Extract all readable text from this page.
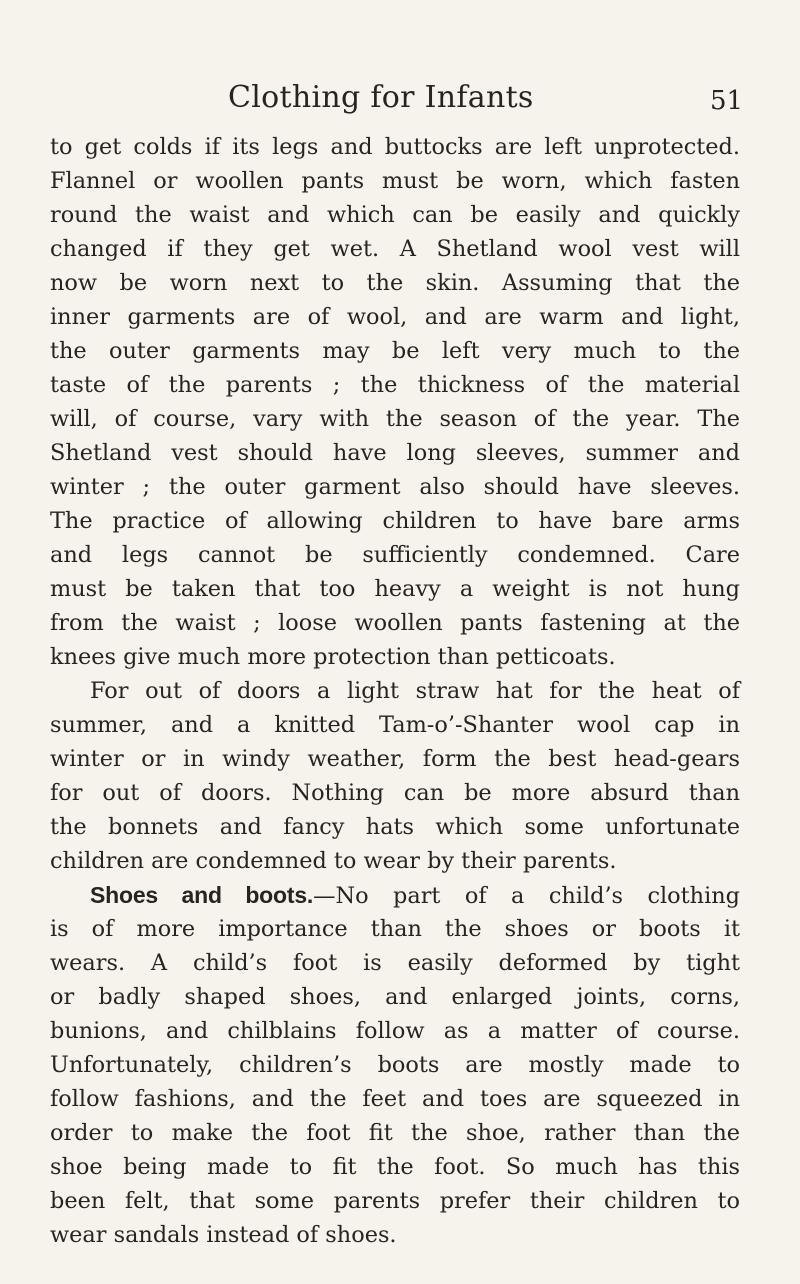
Clothing for Infants	51
to get colds if its legs and buttocks are left unprotected.
Flannel or woollen pants must be worn, which fasten
round the waist and which can be easily and quickly
changed if they get wet. A Shetland wool vest will
now be worn next to the skin. Assuming that the
inner garments are of wool, and are warm and light,
the outer garments may be left very much to the
taste of the parents ; the thickness of the material
will, of course, vary with the season of the year. The
Shetland vest should have long sleeves, summer and
winter ; the outer garment also should have sleeves.
The practice of allowing children to have bare arms
and legs cannot be sufficiently condemned. Care
must be taken that too heavy a weight is not hung
from the waist ; loose woollen pants fastening at the
knees give much more protection than petticoats.
For out of doors a light straw hat for the heat of
summer, and a knitted Tam-o’-Shanter wool cap in
winter or in windy weather, form the best head-gears
for out of doors. Nothing can be more absurd than
the bonnets and fancy hats which some unfortunate
children are condemned to wear by their parents.
Shoes and boots.—No part of a child’s clothing
is of more importance than the shoes or boots it
wears. A child’s foot is easily deformed by tight
or badly shaped shoes, and enlarged joints, corns,
bunions, and chilblains follow as a matter of course.
Unfortunately, children’s boots are mostly made to
follow fashions, and the feet and toes are squeezed in
order to make the foot fit the shoe, rather than the
shoe being made to fit the foot. So much has this
been felt, that some parents prefer their children to
wear sandals instead of shoes.
